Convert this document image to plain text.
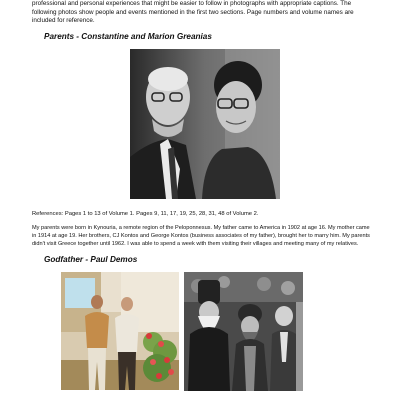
professional and personal experiences that might be easier to follow in photographs with appropriate captions. The following photos show people and events mentioned in the first two sections. Page numbers and volume names are included for reference.

Parents - Constantine and Marion Greanias

References: Pages 1 to 13 of Volume 1. Pages 9, 11, 17, 19, 25, 28, 31, 48 of Volume 2.

My parents were born in Kynouria, a remote region of the Peloponnesus. My father came to America in 1902 at age 16. My mother came in 1914 at age 19. Her brothers, CJ Kontos and George Kontos (business associates of my father), brought her to marry him. My parents didn't visit Greece together until 1962. I was able to spend a week with them visiting their villages and meeting many of my relatives.

Godfather - Paul Demos
